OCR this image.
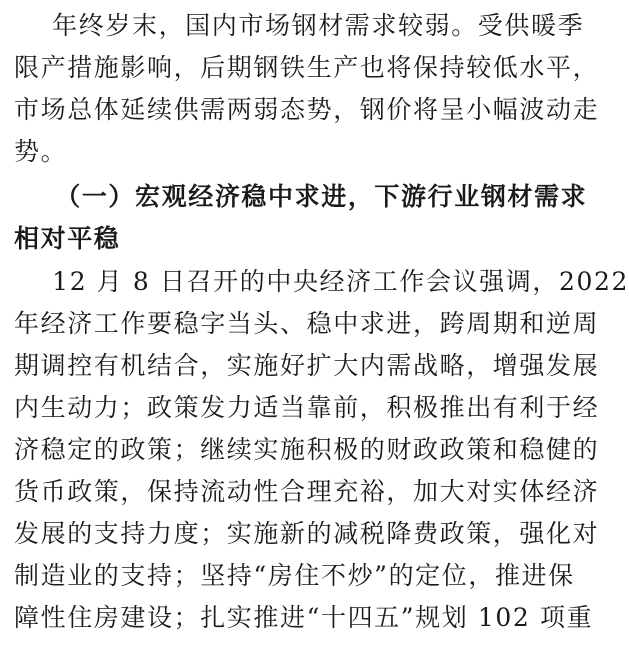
年终岁末，国内市场钢材需求较弱。受供暖季
限产措施影响，后期钢铁生产也将保持较低水平，
市场总体延续供需两弱态势，钢价将呈小幅波动走
势。
（一）宏观经济稳中求进，下游行业钢材需求
相对平稳
12 月 8 日召开的中央经济工作会议强调，2022
年经济工作要稳字当头、稳中求进，跨周期和逆周
期调控有机结合，实施好扩大内需战略，增强发展
内生动力；政策发力适当靠前，积极推出有利于经
济稳定的政策；继续实施积极的财政政策和稳健的
货币政策，保持流动性合理充裕，加大对实体经济
发展的支持力度；实施新的减税降费政策，强化对
制造业的支持；坚持“房住不炒”的定位，推进保
障性住房建设；扎实推进“十四五”规划 102 项重
